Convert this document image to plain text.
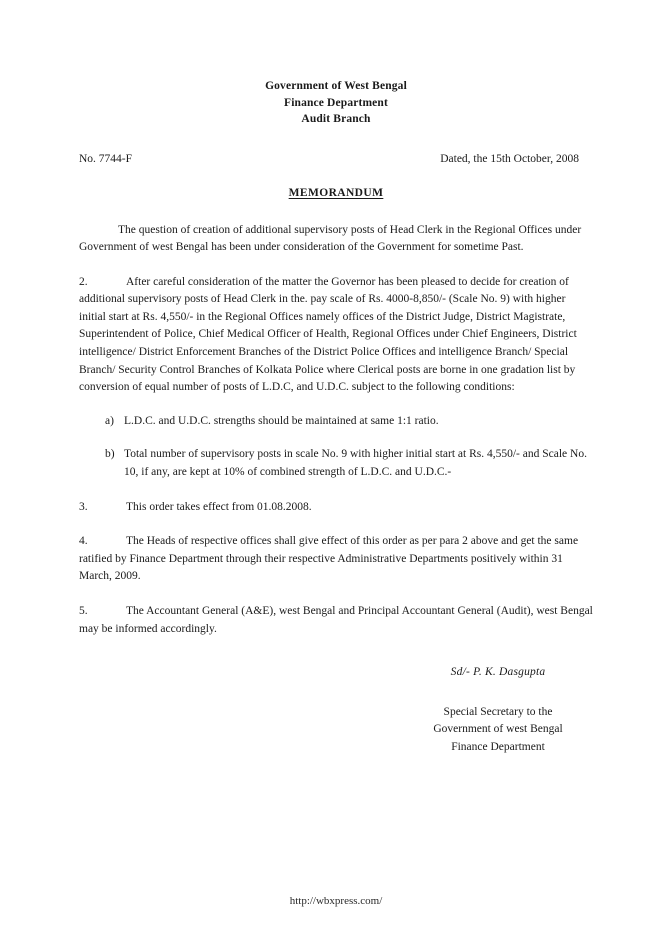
Government of West Bengal
Finance Department
Audit Branch
No. 7744-F	Dated, the 15th October, 2008
MEMORANDUM

The question of creation of additional supervisory posts of Head Clerk in the Regional Offices under Government of west Bengal has been under consideration of the Government for sometime Past.

2.	After careful consideration of the matter the Governor has been pleased to decide for creation of additional supervisory posts of Head Clerk in the. pay scale of Rs. 4000-8,850/- (Scale No. 9) with higher initial start at Rs. 4,550/- in the Regional Offices namely offices of the District Judge, District Magistrate, Superintendent of Police, Chief Medical Officer of Health, Regional Offices under Chief Engineers, District intelligence/ District Enforcement Branches of the District Police Offices and intelligence Branch/ Special Branch/ Security Control Branches of Kolkata Police where Clerical posts are borne in one gradation list by conversion of equal number of posts of L.D.C, and U.D.C. subject to the following conditions:

a) L.D.C. and U.D.C. strengths should be maintained at same 1:1 ratio.
b) Total number of supervisory posts in scale No. 9 with higher initial start at Rs. 4,550/- and Scale No. 10, if any, are kept at 10% of combined strength of L.D.C. and U.D.C.-

3.	This order takes effect from 01.08.2008.

4.	The Heads of respective offices shall give effect of this order as per para 2 above and get the same ratified by Finance Department through their respective Administrative Departments positively within 31 March, 2009.

5.	The Accountant General (A&E), west Bengal and Principal Accountant General (Audit), west Bengal may be informed accordingly.

Sd/- P. K. Dasgupta
Special Secretary to the
Government of west Bengal
Finance Department
http://wbxpress.com/
